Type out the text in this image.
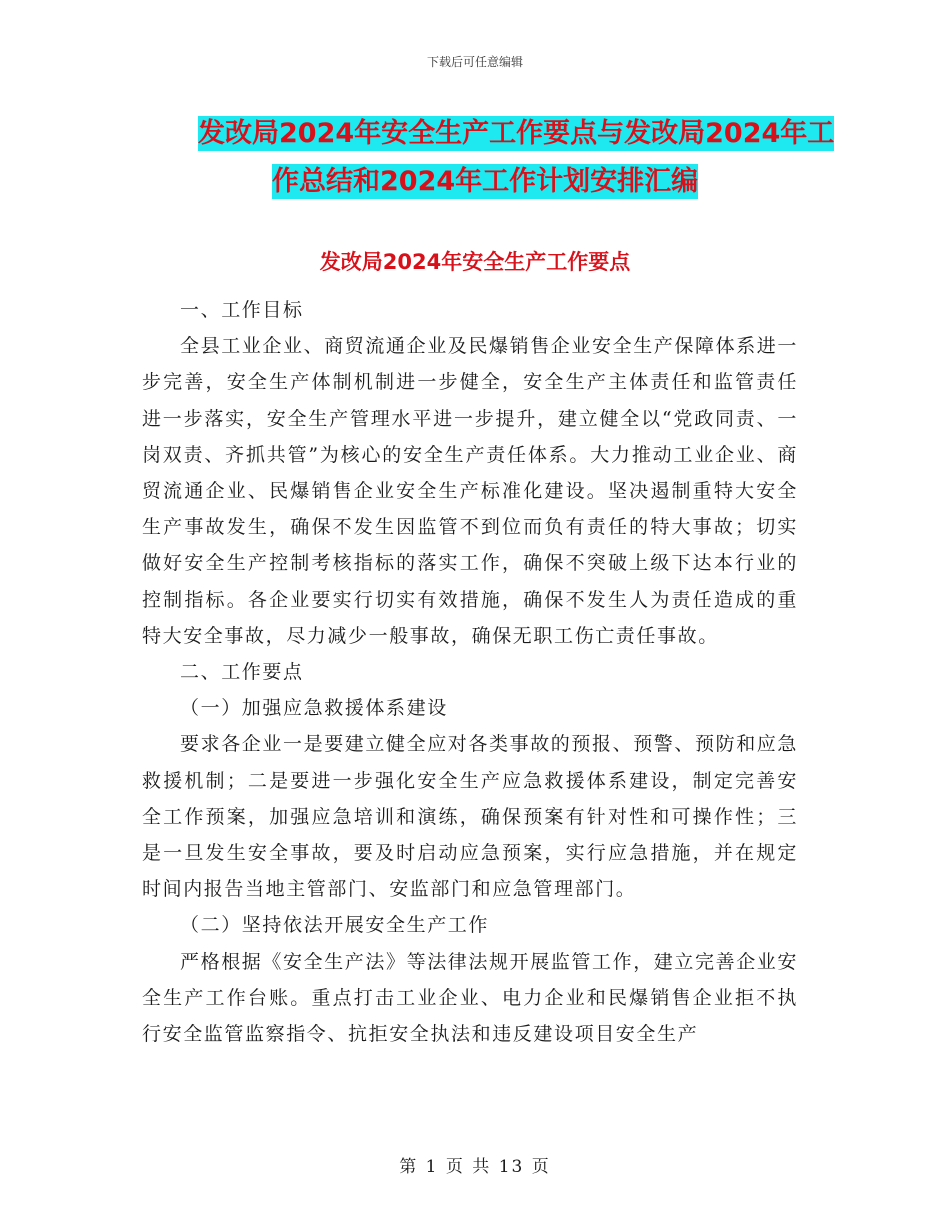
下载后可任意编辑
发改局2024年安全生产工作要点与发改局2024年工
作总结和2024年工作计划安排汇编
发改局2024年安全生产工作要点

一、工作目标

全县工业企业、商贸流通企业及民爆销售企业安全生产保障体系进一步完善，安全生产体制机制进一步健全，安全生产主体责任和监管责任进一步落实，安全生产管理水平进一步提升，建立健全以“党政同责、一岗双责、齐抓共管”为核心的安全生产责任体系。大力推动工业企业、商贸流通企业、民爆销售企业安全生产标准化建设。坚决遏制重特大安全生产事故发生，确保不发生因监管不到位而负有责任的特大事故；切实做好安全生产控制考核指标的落实工作，确保不突破上级下达本行业的控制指标。各企业要实行切实有效措施，确保不发生人为责任造成的重特大安全事故，尽力减少一般事故，确保无职工伤亡责任事故。

二、工作要点

（一）加强应急救援体系建设

要求各企业一是要建立健全应对各类事故的预报、预警、预防和应急救援机制；二是要进一步强化安全生产应急救援体系建设，制定完善安全工作预案，加强应急培训和演练，确保预案有针对性和可操作性；三是一旦发生安全事故，要及时启动应急预案，实行应急措施，并在规定时间内报告当地主管部门、安监部门和应急管理部门。

（二）坚持依法开展安全生产工作

严格根据《安全生产法》等法律法规开展监管工作，建立完善企业安全生产工作台账。重点打击工业企业、电力企业和民爆销售企业拒不执行安全监管监察指令、抗拒安全执法和违反建设项目安全生产

第 1 页 共 13 页
